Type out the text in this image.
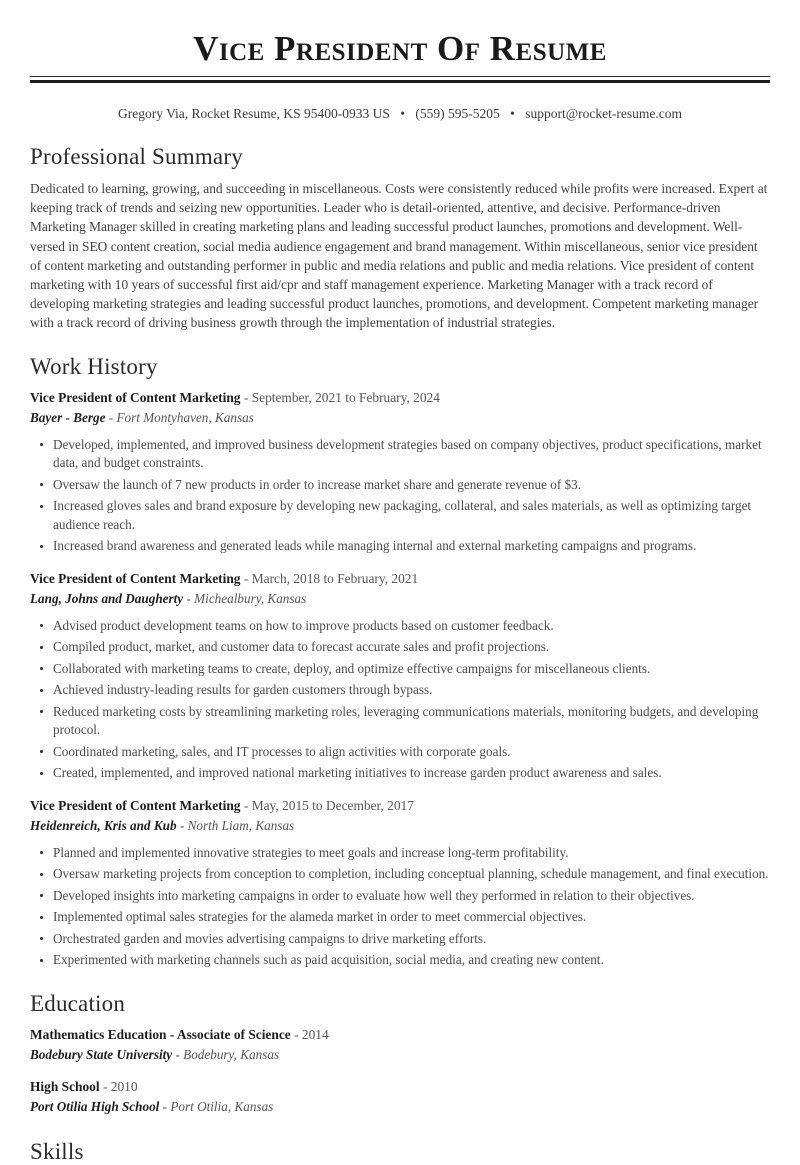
Vice President Of Resume
Gregory Via, Rocket Resume, KS 95400-0933 US • (559) 595-5205 • support@rocket-resume.com
Professional Summary

Dedicated to learning, growing, and succeeding in miscellaneous. Costs were consistently reduced while profits were increased. Expert at keeping track of trends and seizing new opportunities. Leader who is detail-oriented, attentive, and decisive. Performance-driven Marketing Manager skilled in creating marketing plans and leading successful product launches, promotions and development. Well-versed in SEO content creation, social media audience engagement and brand management. Within miscellaneous, senior vice president of content marketing and outstanding performer in public and media relations and public and media relations. Vice president of content marketing with 10 years of successful first aid/cpr and staff management experience. Marketing Manager with a track record of developing marketing strategies and leading successful product launches, promotions, and development. Competent marketing manager with a track record of driving business growth through the implementation of industrial strategies.

Work History
Vice President of Content Marketing - September, 2021 to February, 2024
Bayer - Berge - Fort Montyhaven, Kansas
Developed, implemented, and improved business development strategies based on company objectives, product specifications, market data, and budget constraints.
Oversaw the launch of 7 new products in order to increase market share and generate revenue of $3.
Increased gloves sales and brand exposure by developing new packaging, collateral, and sales materials, as well as optimizing target audience reach.
Increased brand awareness and generated leads while managing internal and external marketing campaigns and programs.
Vice President of Content Marketing - March, 2018 to February, 2021
Lang, Johns and Daugherty - Michealbury, Kansas
Advised product development teams on how to improve products based on customer feedback.
Compiled product, market, and customer data to forecast accurate sales and profit projections.
Collaborated with marketing teams to create, deploy, and optimize effective campaigns for miscellaneous clients.
Achieved industry-leading results for garden customers through bypass.
Reduced marketing costs by streamlining marketing roles, leveraging communications materials, monitoring budgets, and developing protocol.
Coordinated marketing, sales, and IT processes to align activities with corporate goals.
Created, implemented, and improved national marketing initiatives to increase garden product awareness and sales.
Vice President of Content Marketing - May, 2015 to December, 2017
Heidenreich, Kris and Kub - North Liam, Kansas
Planned and implemented innovative strategies to meet goals and increase long-term profitability.
Oversaw marketing projects from conception to completion, including conceptual planning, schedule management, and final execution.
Developed insights into marketing campaigns in order to evaluate how well they performed in relation to their objectives.
Implemented optimal sales strategies for the alameda market in order to meet commercial objectives.
Orchestrated garden and movies advertising campaigns to drive marketing efforts.
Experimented with marketing channels such as paid acquisition, social media, and creating new content.
Education
Mathematics Education - Associate of Science - 2014
Bodebury State University - Bodebury, Kansas
High School - 2010
Port Otilia High School - Port Otilia, Kansas
Skills
